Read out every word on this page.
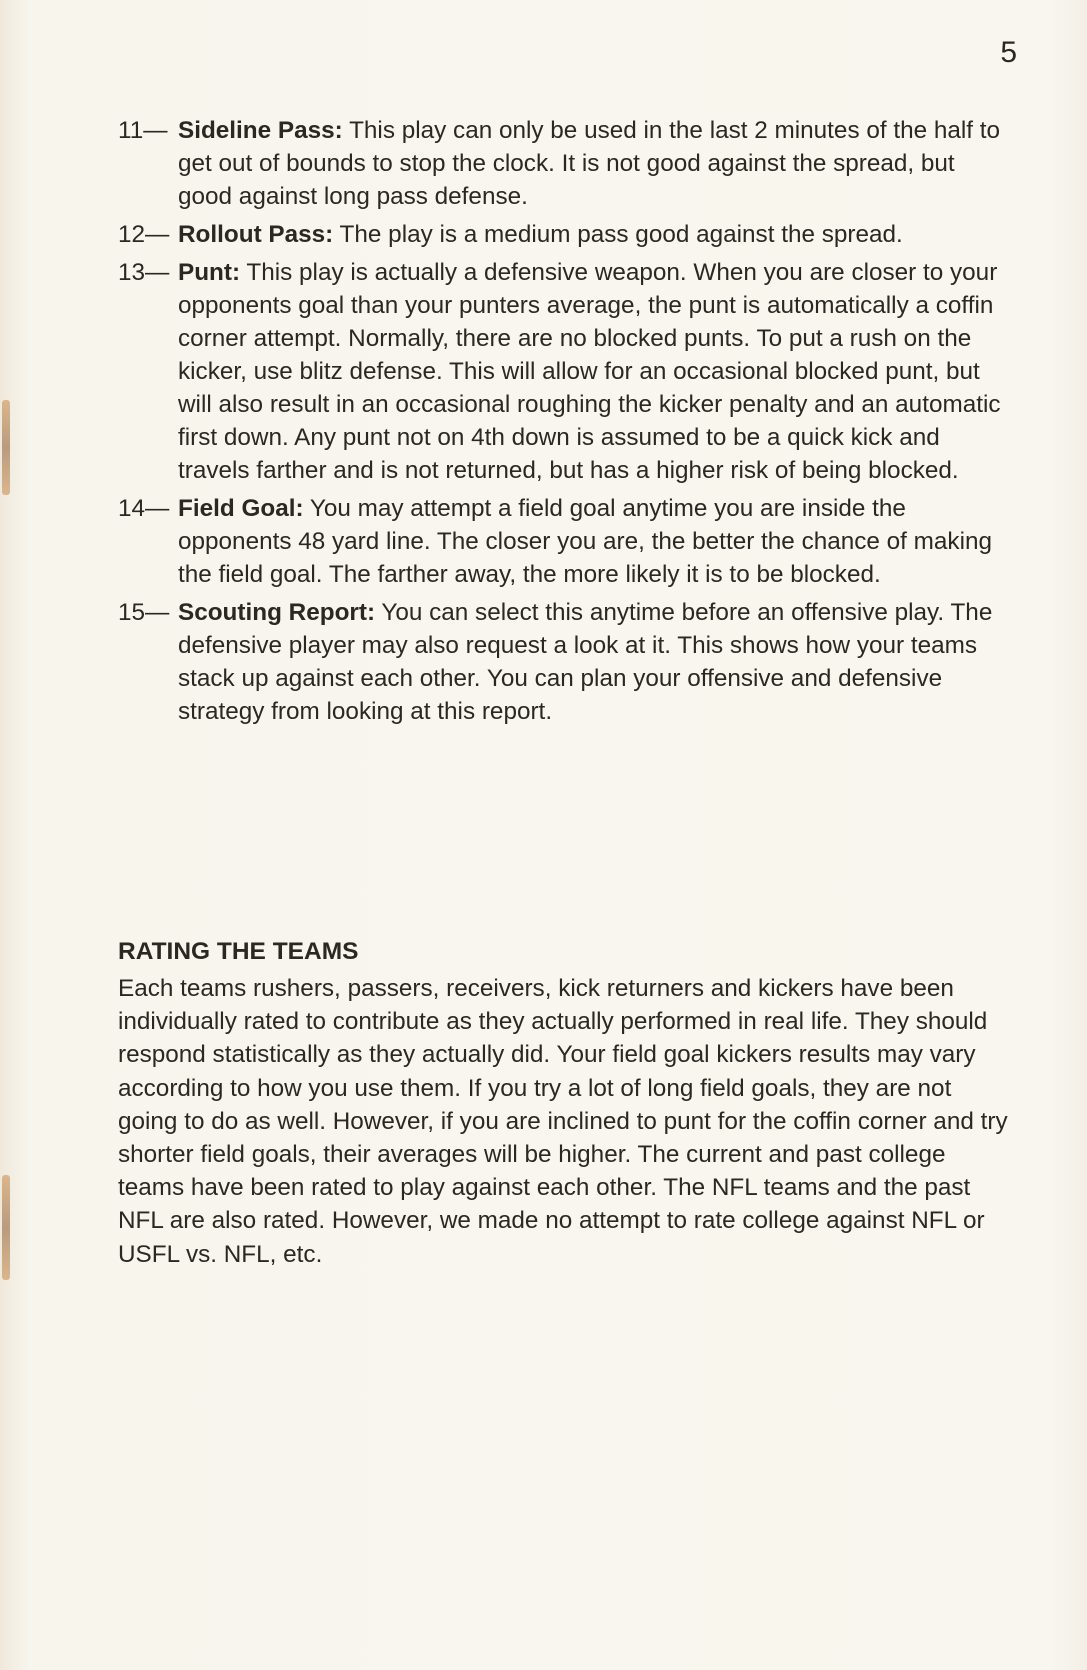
5
11— Sideline Pass: This play can only be used in the last 2 minutes of the half to get out of bounds to stop the clock. It is not good against the spread, but good against long pass defense.
12— Rollout Pass: The play is a medium pass good against the spread.
13— Punt: This play is actually a defensive weapon. When you are closer to your opponents goal than your punters average, the punt is automatically a coffin corner attempt. Normally, there are no blocked punts. To put a rush on the kicker, use blitz defense. This will allow for an occasional blocked punt, but will also result in an occasional roughing the kicker penalty and an automatic first down. Any punt not on 4th down is assumed to be a quick kick and travels farther and is not returned, but has a higher risk of being blocked.
14— Field Goal: You may attempt a field goal anytime you are inside the opponents 48 yard line. The closer you are, the better the chance of making the field goal. The farther away, the more likely it is to be blocked.
15— Scouting Report: You can select this anytime before an offensive play. The defensive player may also request a look at it. This shows how your teams stack up against each other. You can plan your offensive and defensive strategy from looking at this report.
RATING THE TEAMS

Each teams rushers, passers, receivers, kick returners and kickers have been individually rated to contribute as they actually performed in real life. They should respond statistically as they actually did. Your field goal kickers results may vary according to how you use them. If you try a lot of long field goals, they are not going to do as well. However, if you are inclined to punt for the coffin corner and try shorter field goals, their averages will be higher. The current and past college teams have been rated to play against each other. The NFL teams and the past NFL are also rated. However, we made no attempt to rate college against NFL or USFL vs. NFL, etc.
